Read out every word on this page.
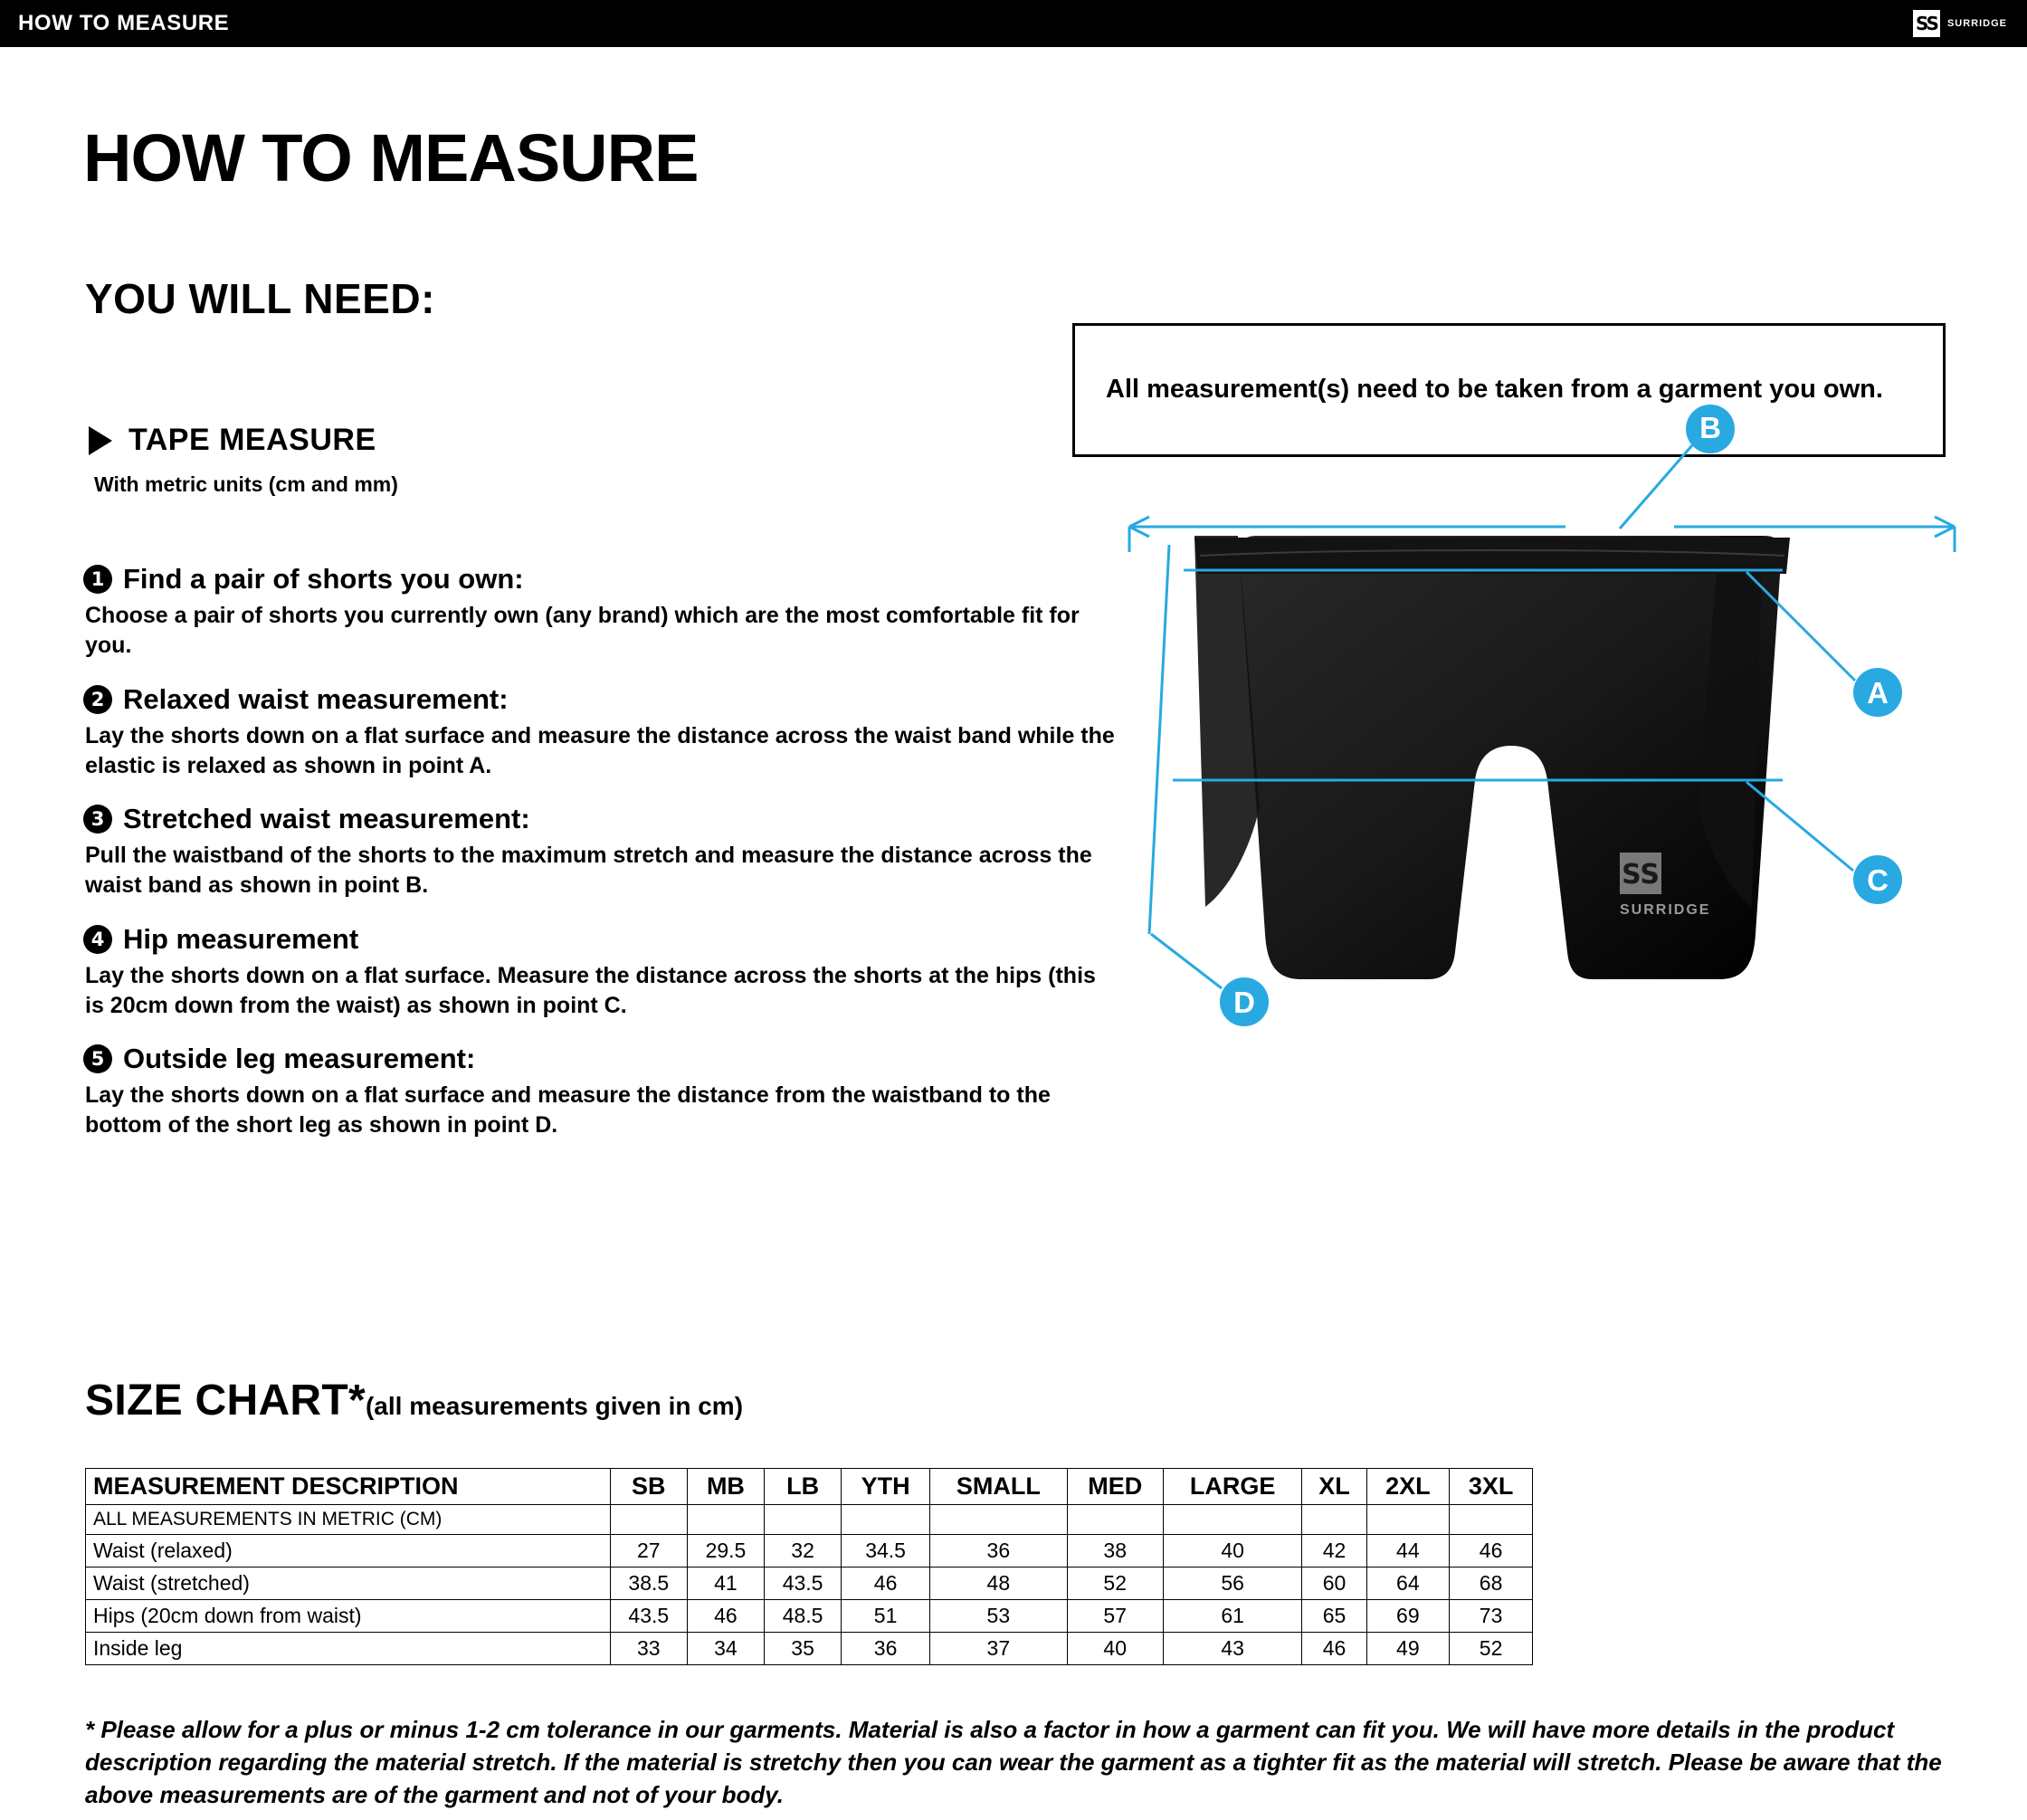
HOW TO MEASURE	SS SURRIDGE
HOW TO MEASURE
YOU WILL NEED:
All measurement(s) need to be taken from a garment you own.
TAPE MEASURE
With metric units (cm and mm)
1 Find a pair of shorts you own:
Choose a pair of shorts you currently own (any brand) which are the most comfortable fit for you.
2 Relaxed waist measurement:
Lay the shorts down on a flat surface and measure the distance across the waist band while the elastic is relaxed as shown in point A.
3 Stretched waist measurement:
Pull the waistband of the shorts to the maximum stretch and measure the distance across the waist band as shown in point B.
4 Hip measurement
Lay the shorts down on a flat surface. Measure the distance across the shorts at the hips (this is 20cm down from the waist) as shown in point C.
5 Outside leg measurement:
Lay the shorts down on a flat surface and measure the distance from the waistband to the bottom of the short leg as shown in point D.
SS
SURRIDGE
B
A
C
D
SIZE CHART*(all measurements given in cm)
MEASUREMENT DESCRIPTION	SB	MB	LB	YTH	SMALL	MED	LARGE	XL	2XL	3XL
ALL MEASUREMENTS IN METRIC (CM)										
Waist (relaxed)	27	29.5	32	34.5	36	38	40	42	44	46
Waist (stretched)	38.5	41	43.5	46	48	52	56	60	64	68
Hips (20cm down from waist)	43.5	46	48.5	51	53	57	61	65	69	73
Inside leg	33	34	35	36	37	40	43	46	49	52
* Please allow for a plus or minus 1-2 cm tolerance in our garments. Material is also a factor in how a garment can fit you. We will have more details in the product description regarding the material stretch. If the material is stretchy then you can wear the garment as a tighter fit as the material will stretch. Please be aware that the above measurements are of the garment and not of your body.
